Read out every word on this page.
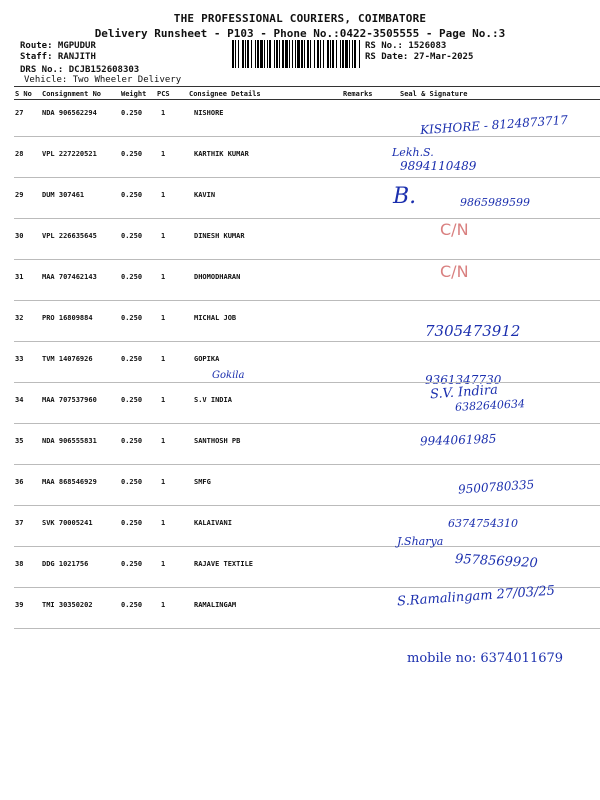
THE PROFESSIONAL COURIERS, COIMBATORE
Delivery Runsheet - P103 - Phone No.:0422-3505555 - Page No.:3
Route: MGPUDUR
Staff: RANJITH
DRS No.: DCJB152608303
Vehicle: Two Wheeler Delivery
RS No.: 1526083
RS Date: 27-Mar-2025
S No Consignment No	Weight PCS	Consignee Details	Remarks	Seal & Signature
27	NDA 906562294	0.250	1	NISHORE	KISHORE - 8124873717
28	VPL 227220521	0.250	1	KARTHIK KUMAR	Lekh.S.
9894110489
29	DUM 307461	0.250	1	KAVIN	B.	9865989599
30	VPL 226635645	0.250	1	DINESH KUMAR	C/N
31	MAA 707462143	0.250	1	DHOMODHARAN	C/N
32	PRO 16809884	0.250	1	MICHAL JOB
7305473912
33	TVM 14076926	0.250	1	GOPIKA
Gokila	9361347730
34	MAA 707537960	0.250	1	S.V INDIA	S.V. Indira
6382640634
35	NDA 906555831	0.250	1	SANTHOSH PB	9944061985
36	MAA 868546929	0.250	1	SMFG	9500780335
37	SVK 70005241	0.250	1	KALAIVANI	6374754310
38	DDG 1021756	0.250	1	RAJAVE TEXTILE
J.Sharya
9578569920
39	TMI 30350202	0.250	1	RAMALINGAM	S.Ramalingam 27/03/25
mobile no: 6374011679
